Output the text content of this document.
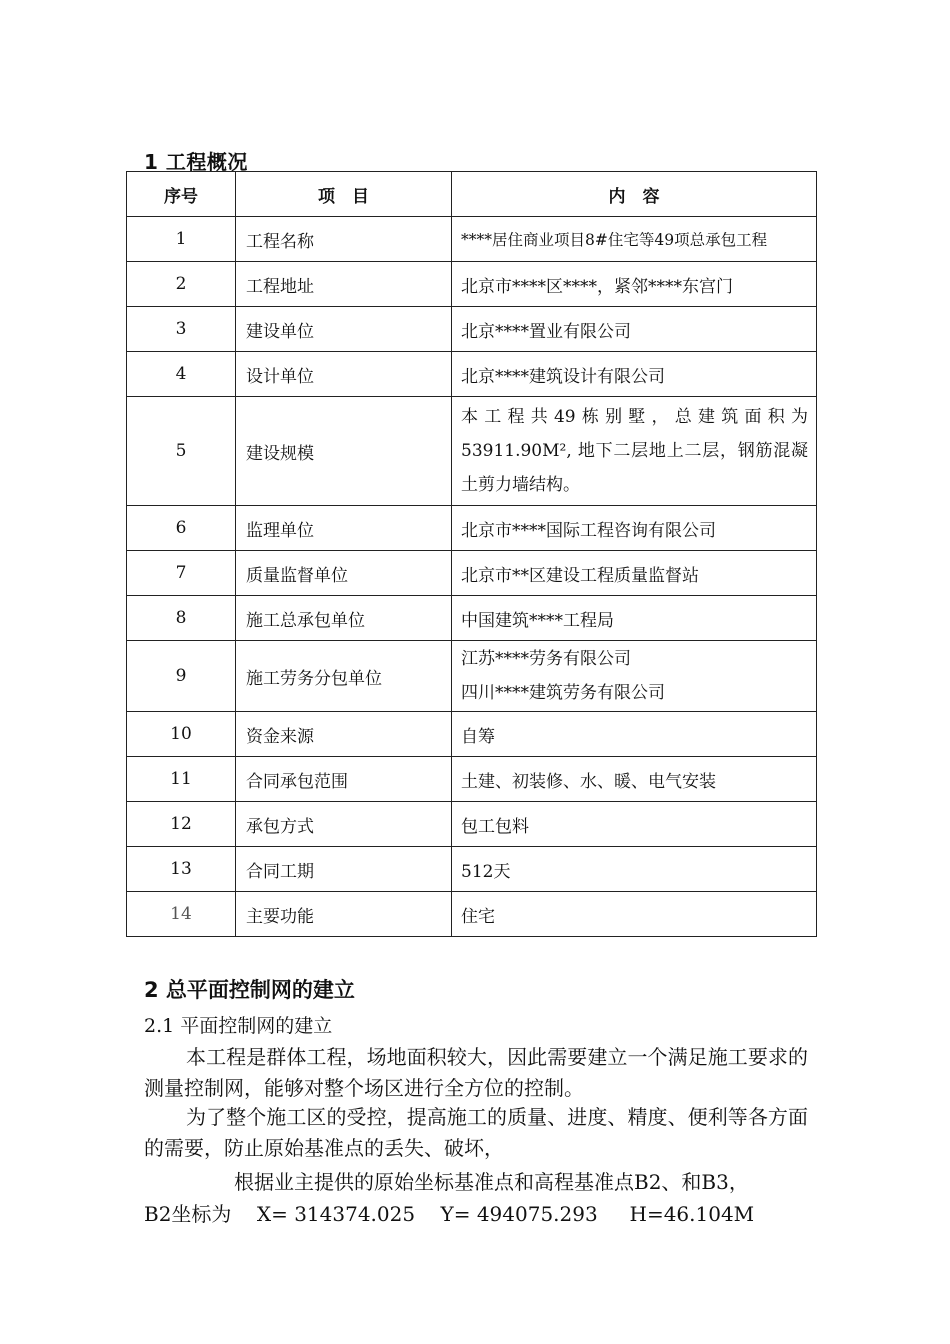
1 工程概况
序号	项　目	内　容
1	工程名称	****居住商业项目8#住宅等49项总承包工程
2	工程地址	北京市****区****，紧邻****东宫门
3	建设单位	北京****置业有限公司
4	设计单位	北京****建筑设计有限公司
5	建设规模	本工程共49栋别墅，总建筑面积为53911.90M², 地下二层地上二层，钢筋混凝土剪力墙结构。
6	监理单位	北京市****国际工程咨询有限公司
7	质量监督单位	北京市**区建设工程质量监督站
8	施工总承包单位	中国建筑****工程局
9	施工劳务分包单位	江苏****劳务有限公司
四川****建筑劳务有限公司

10	资金来源	自筹
11	合同承包范围	土建、初装修、水、暖、电气安装
12	承包方式	包工包料
13	合同工期	512天
14	主要功能	住宅
2 总平面控制网的建立
2.1 平面控制网的建立
本工程是群体工程，场地面积较大，因此需要建立一个满足施工要求的测量控制网，能够对整个场区进行全方位的控制。
为了整个施工区的受控，提高施工的质量、进度、精度、便利等各方面的需要，防止原始基准点的丢失、破坏，
根据业主提供的原始坐标基准点和高程基准点B2、和B3，
B2坐标为    X= 314374.025    Y= 494075.293     H=46.104M
